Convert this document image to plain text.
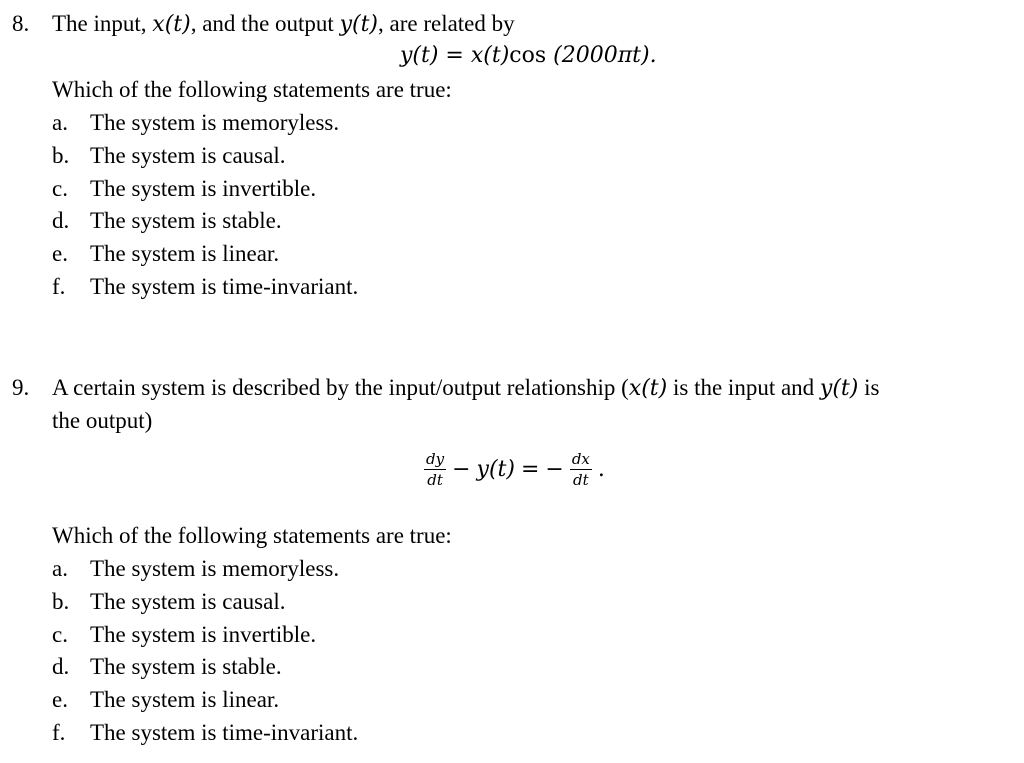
8. The input, x(t), and the output y(t), are related by
y(t) = x(t)cos (2000πt).
Which of the following statements are true:
a. The system is memoryless.
b. The system is causal.
c. The system is invertible.
d. The system is stable.
e. The system is linear.
f. The system is time-invariant.
9. A certain system is described by the input/output relationship (x(t) is the input and y(t) is
the output)
$\frac{dy}{dt} - y(t)$ = − $\frac{dx}{dt}$ .
Which of the following statements are true:
a. The system is memoryless.
b. The system is causal.
c. The system is invertible.
d. The system is stable.
e. The system is linear.
f. The system is time-invariant.
